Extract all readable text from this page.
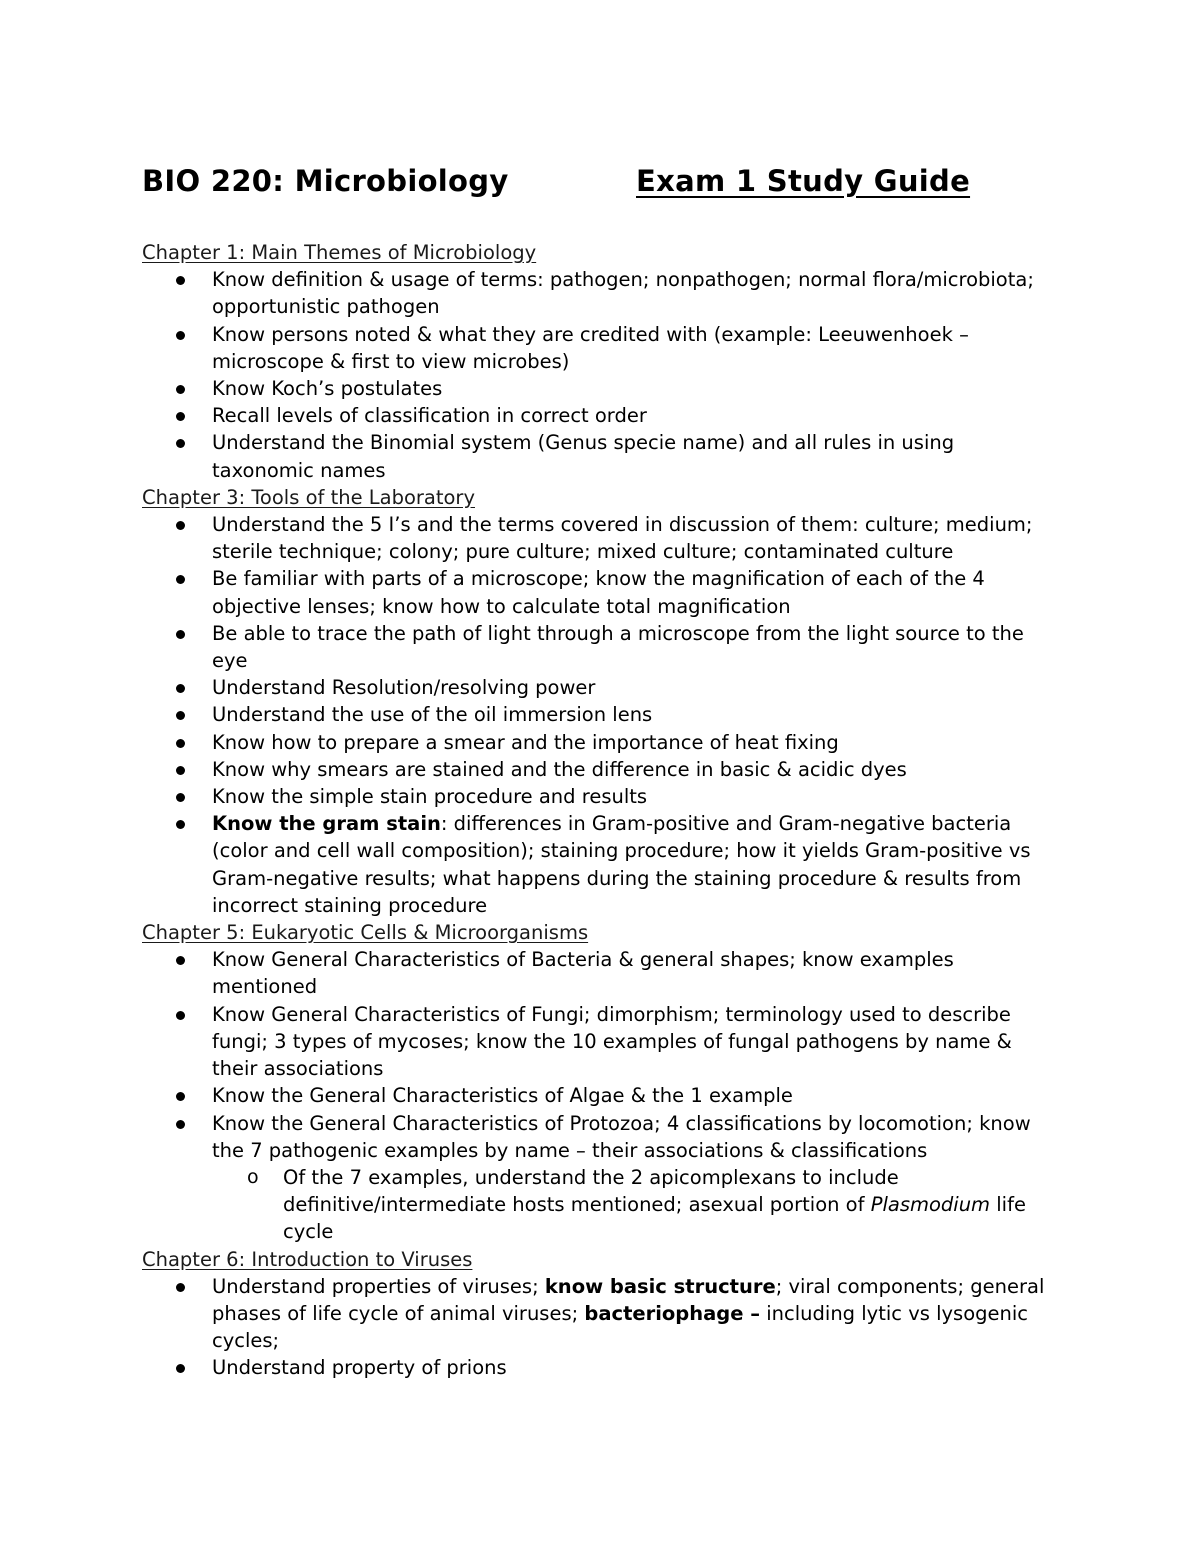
BIO 220: Microbiology	Exam 1 Study Guide
Chapter 1: Main Themes of Microbiology
Know definition & usage of terms: pathogen; nonpathogen; normal flora/microbiota; opportunistic pathogen
Know persons noted & what they are credited with (example: Leeuwenhoek – microscope & first to view microbes)
Know Koch’s postulates
Recall levels of classification in correct order
Understand the Binomial system (Genus specie name) and all rules in using taxonomic names
Chapter 3: Tools of the Laboratory
Understand the 5 I’s and the terms covered in discussion of them: culture; medium; sterile technique; colony; pure culture; mixed culture; contaminated culture
Be familiar with parts of a microscope; know the magnification of each of the 4 objective lenses; know how to calculate total magnification
Be able to trace the path of light through a microscope from the light source to the eye
Understand Resolution/resolving power
Understand the use of the oil immersion lens
Know how to prepare a smear and the importance of heat fixing
Know why smears are stained and the difference in basic & acidic dyes
Know the simple stain procedure and results
Know the gram stain: differences in Gram-positive and Gram-negative bacteria (color and cell wall composition); staining procedure; how it yields Gram-positive vs Gram-negative results; what happens during the staining procedure & results from incorrect staining procedure
Chapter 5: Eukaryotic Cells & Microorganisms
Know General Characteristics of Bacteria & general shapes; know examples mentioned
Know General Characteristics of Fungi; dimorphism; terminology used to describe fungi; 3 types of mycoses; know the 10 examples of fungal pathogens by name & their associations
Know the General Characteristics of Algae & the 1 example
Know the General Characteristics of Protozoa; 4 classifications by locomotion; know the 7 pathogenic examples by name – their associations & classifications
o Of the 7 examples, understand the 2 apicomplexans to include definitive/intermediate hosts mentioned; asexual portion of Plasmodium life cycle
Chapter 6: Introduction to Viruses
Understand properties of viruses; know basic structure; viral components; general phases of life cycle of animal viruses; bacteriophage – including lytic vs lysogenic cycles;
Understand property of prions
